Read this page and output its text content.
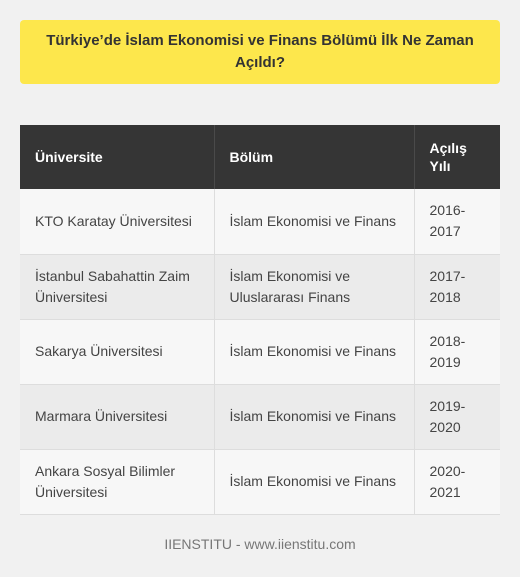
Türkiye’de İslam Ekonomisi ve Finans Bölümü İlk Ne Zaman Açıldı?
Üniversite	Bölüm	Açılış Yılı
KTO Karatay Üniversitesi	İslam Ekonomisi ve Finans	2016-2017
İstanbul Sabahattin Zaim Üniversitesi	İslam Ekonomisi ve Uluslararası Finans	2017-2018
Sakarya Üniversitesi	İslam Ekonomisi ve Finans	2018-2019
Marmara Üniversitesi	İslam Ekonomisi ve Finans	2019-2020
Ankara Sosyal Bilimler Üniversitesi	İslam Ekonomisi ve Finans	2020-2021
IIENSTITU - www.iienstitu.com
